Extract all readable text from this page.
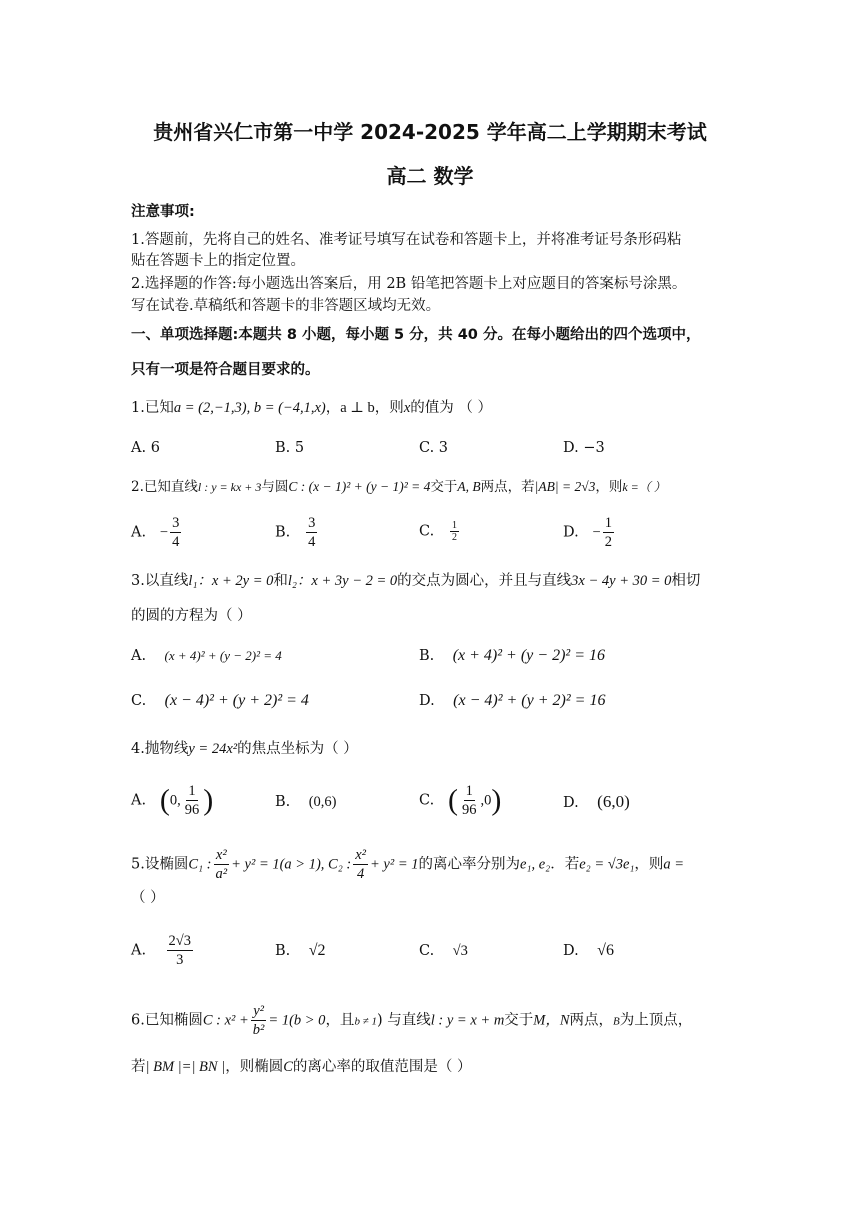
贵州省兴仁市第一中学 2024-2025 学年高二上学期期末考试
高二 数学
注意事项:
1.答题前，先将自己的姓名、准考证号填写在试卷和答题卡上，并将准考证号条形码粘
贴在答题卡上的指定位置。
2.选择题的作答:每小题选出答案后，用 2B 铅笔把答题卡上对应题目的答案标号涂黑。
写在试卷.草稿纸和答题卡的非答题区域均无效。
一、单项选择题:本题共 8 小题，每小题 5 分，共 40 分。在每小题给出的四个选项中，
只有一项是符合题目要求的。
1.已知a = (2,−1,3), b = (−4,1,x)，a ⊥ b，则x的值为 （ ）
A. 6	B. 5	C. 3	D. −3
2.已知直线l : y = kx + 3与圆C : (x − 1)² + (y − 1)² = 4交于A, B两点，若|AB| = 2√3，则k =（ ）
A. − $\frac{3}{4}$	B. $\frac{3}{4}$	C. $\frac{1}{2}$	D. − $\frac{1}{2}$
3.以直线l₁：x + 2y = 0和l₂：x + 3y − 2 = 0的交点为圆心，并且与直线3x − 4y + 30 = 0相切
的圆的方程为（ ）
A. (x + 4)² + (y − 2)² = 4	B. (x + 4)² + (y − 2)² = 16
C. (x − 4)² + (y + 2)² = 4	D. (x − 4)² + (y + 2)² = 16
4.抛物线y = 24x²的焦点坐标为（ ）
A. (0, $\frac{1}{96}$ )	B. (0,6)	C. ( $\frac{1}{96} ,0$)	D. (6,0)
5.设椭圆C₁ : $\frac{\text{x²}}{\text{a²}} + y^2 = 1(a > 1)$, C₂ : $\frac{\text{x²}}{4} + y^2 = 1$的离心率分别为e₁, e₂．若e₂ = √3e₁，则a =
（ ）
A. $\frac{2√3}{3}$	B. √2	C. √3	D. √6
6.已知椭圆C : $x^2 + \frac{\text{y²}}{\text{b²}} = 1(b > 0$，且b ≠ 1) 与直线l : y = x + m交于M，N两点，B为上顶点，
若| BM |=| BN |，则椭圆C的离心率的取值范围是（ ）
